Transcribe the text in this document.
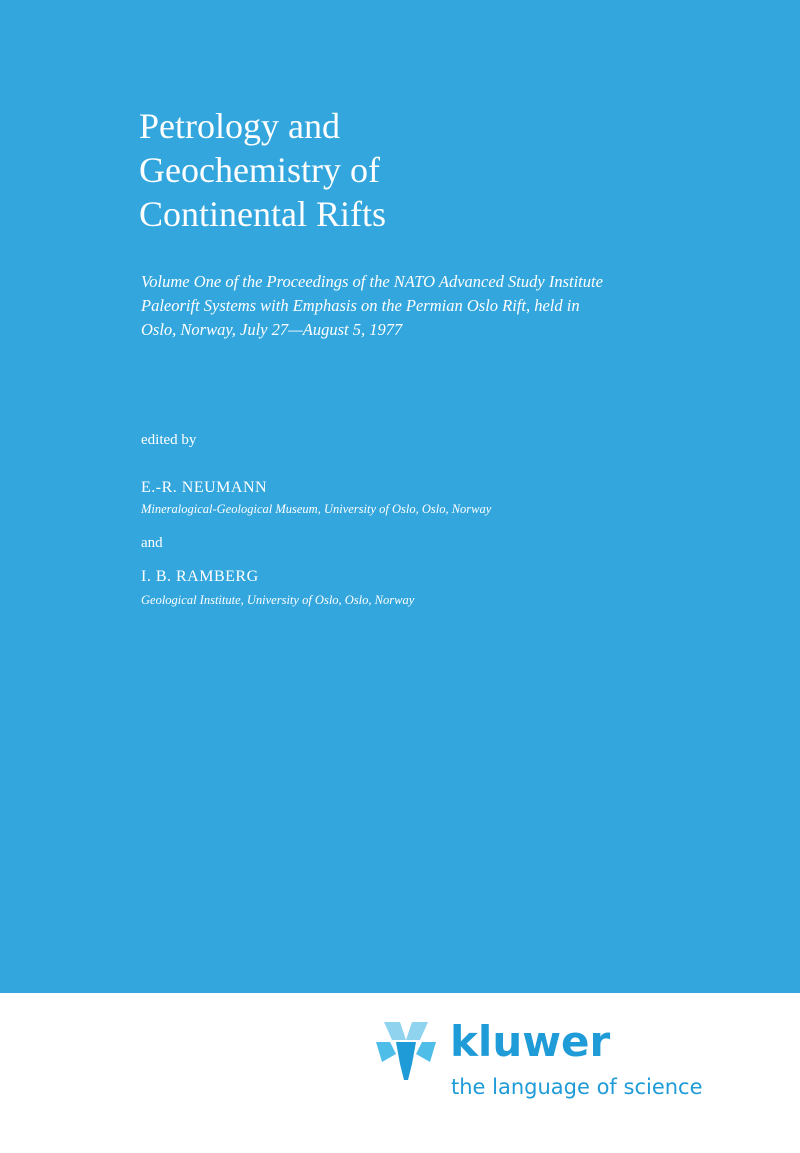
Petrology and
Geochemistry of
Continental Rifts

Volume One of the Proceedings of the NATO Advanced Study Institute
Paleorift Systems with Emphasis on the Permian Oslo Rift, held in
Oslo, Norway, July 27—August 5, 1977

edited by
E.-R. NEUMANN
Mineralogical-Geological Museum, University of Oslo, Oslo, Norway
and
I. B. RAMBERG
Geological Institute, University of Oslo, Oslo, Norway
kluwer
the language of science
